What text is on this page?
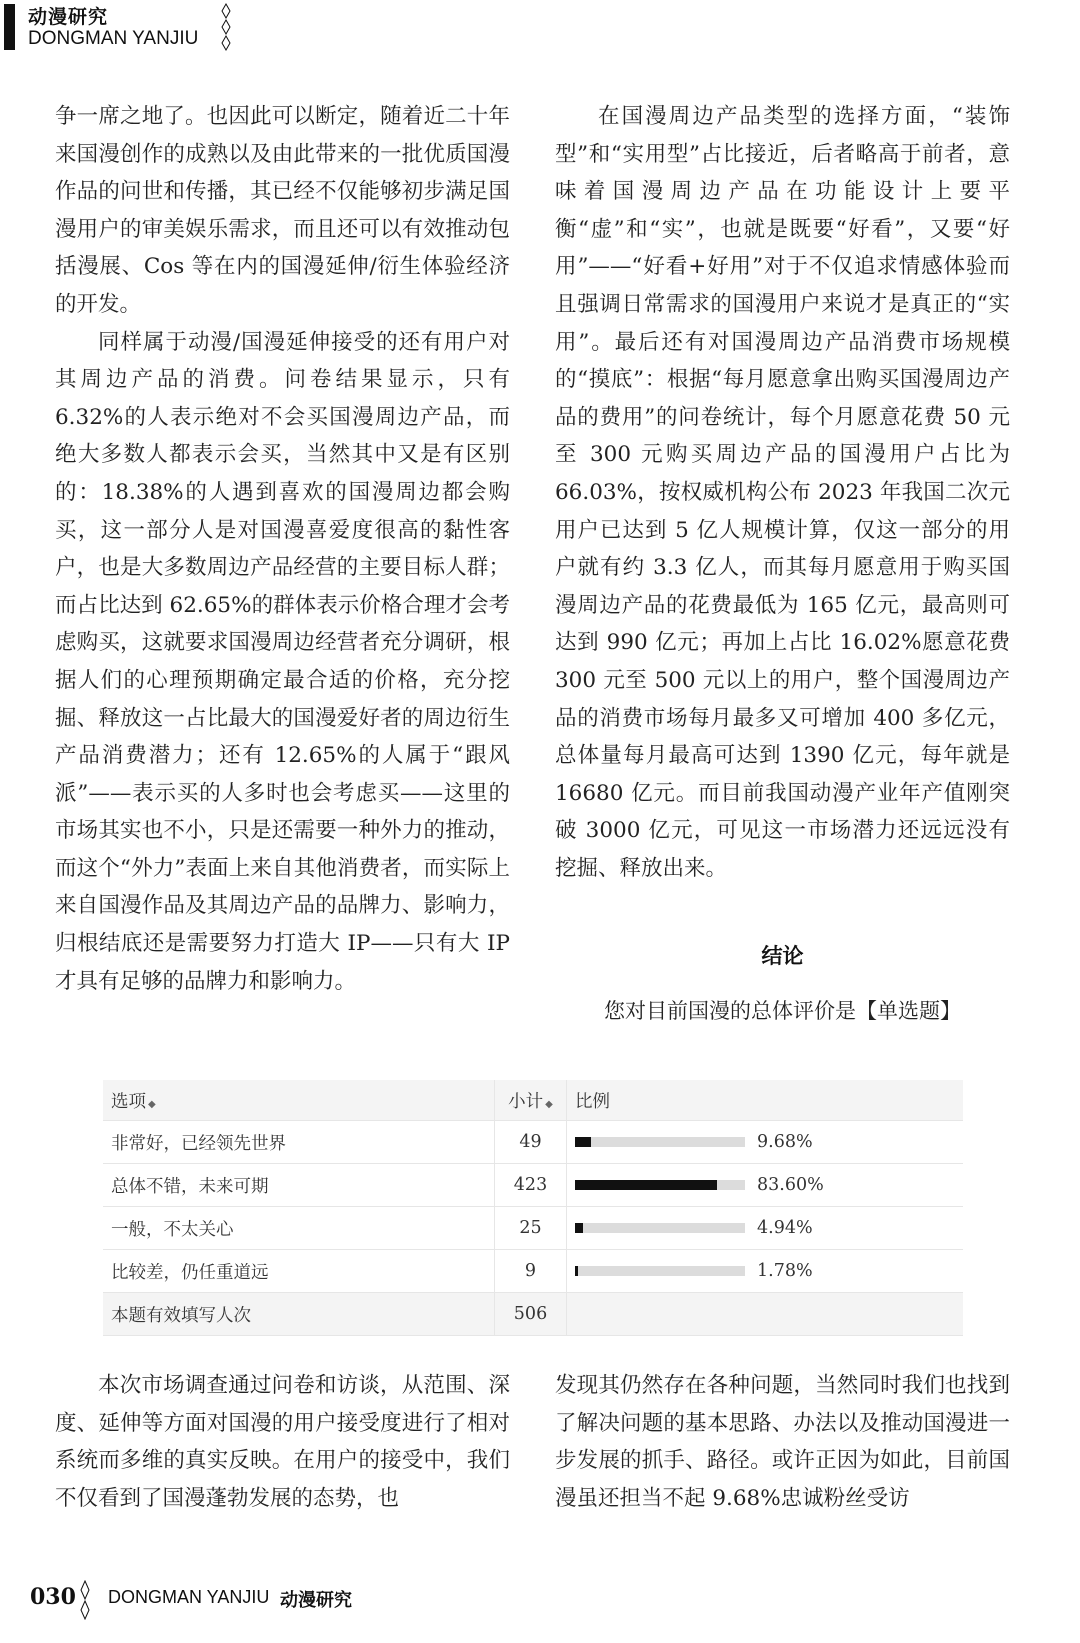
动漫研究
DONGMAN YANJIU

争一席之地了。也因此可以断定，随着近二十年来国漫创作的成熟以及由此带来的一批优质国漫作品的问世和传播，其已经不仅能够初步满足国漫用户的审美娱乐需求，而且还可以有效推动包括漫展、Cos 等在内的国漫延伸/衍生体验经济的开发。

同样属于动漫/国漫延伸接受的还有用户对其周边产品的消费。问卷结果显示，只有6.32%的人表示绝对不会买国漫周边产品，而绝大多数人都表示会买，当然其中又是有区别的：18.38%的人遇到喜欢的国漫周边都会购买，这一部分人是对国漫喜爱度很高的黏性客户，也是大多数周边产品经营的主要目标人群；而占比达到 62.65%的群体表示价格合理才会考虑购买，这就要求国漫周边经营者充分调研，根据人们的心理预期确定最合适的价格，充分挖掘、释放这一占比最大的国漫爱好者的周边衍生产品消费潜力；还有 12.65%的人属于“跟风派”——表示买的人多时也会考虑买——这里的市场其实也不小，只是还需要一种外力的推动，而这个“外力”表面上来自其他消费者，而实际上来自国漫作品及其周边产品的品牌力、影响力，归根结底还是需要努力打造大 IP——只有大 IP 才具有足够的品牌力和影响力。

在国漫周边产品类型的选择方面，“装饰型”和“实用型”占比接近，后者略高于前者，意味着国漫周边产品在功能设计上要平衡“虚”和“实”，也就是既要“好看”，又要“好用”——“好看+好用”对于不仅追求情感体验而且强调日常需求的国漫用户来说才是真正的“实用”。最后还有对国漫周边产品消费市场规模的“摸底”：根据“每月愿意拿出购买国漫周边产品的费用”的问卷统计，每个月愿意花费 50 元至 300 元购买周边产品的国漫用户占比为 66.03%，按权威机构公布 2023 年我国二次元用户已达到 5 亿人规模计算，仅这一部分的用户就有约 3.3 亿人，而其每月愿意用于购买国漫周边产品的花费最低为 165 亿元，最高则可达到 990 亿元；再加上占比 16.02%愿意花费 300 元至 500 元以上的用户，整个国漫周边产品的消费市场每月最多又可增加 400 多亿元，总体量每月最高可达到 1390 亿元，每年就是 16680 亿元。而目前我国动漫产业年产值刚突破 3000 亿元，可见这一市场潜力还远远没有挖掘、释放出来。

结论
您对目前国漫的总体评价是【单选题】
选项 ◆	小计 ◆	比例
非常好，已经领先世界	49	9.68%
总体不错，未来可期	423	83.60%
一般，不太关心	25	4.94%
比较差，仍任重道远	9	1.78%
本题有效填写人次	506	

本次市场调查通过问卷和访谈，从范围、深度、延伸等方面对国漫的用户接受度进行了相对系统而多维的真实反映。在用户的接受中，我们不仅看到了国漫蓬勃发展的态势，也

发现其仍然存在各种问题，当然同时我们也找到了解决问题的基本思路、办法以及推动国漫进一步发展的抓手、路径。或许正因为如此，目前国漫虽还担当不起 9.68%忠诚粉丝受访

030 DONGMAN YANJIU 动漫研究
